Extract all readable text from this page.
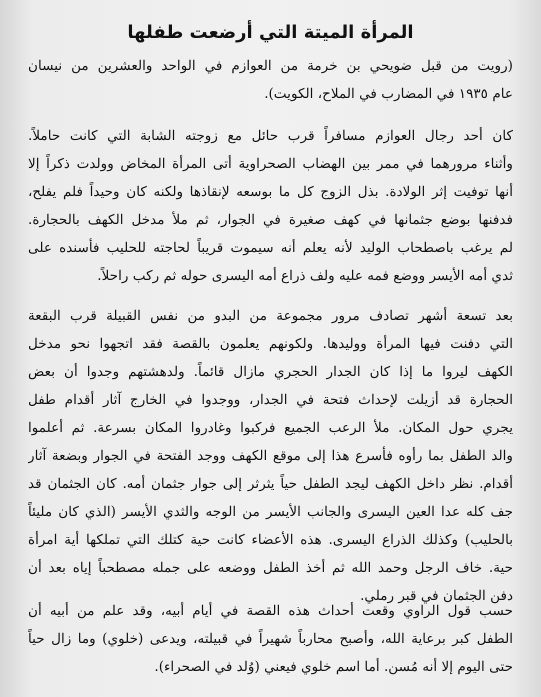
المرأة الميتة التي أرضعت طفلها

(رويت من قبل ضويحي بن خرمة من العوازم في الواحد والعشرين من نيسان
عام ١٩٣٥ في المضارب في الملاح، الكويت).

كان أحد رجال العوازم مسافراً قرب حائل مع زوجته الشابة التي كانت حاملاً.
وأثناء مرورهما في ممر بين الهضاب الصحراوية أتى المرأة المخاض وولدت ذكراً إلا
أنها توفيت إثر الولادة. بذل الزوج كل ما بوسعه لإنقاذها ولكنه كان وحيداً فلم يفلح،
فدفنها بوضع جثمانها في كهف صغيرة في الجوار، ثم ملأ مدخل الكهف بالحجارة.
لم يرغب باصطحاب الوليد لأنه يعلم أنه سيموت قريباً لحاجته للحليب فأسنده على
ثدي أمه الأيسر ووضع فمه عليه ولف ذراع أمه اليسرى حوله ثم ركب راحلاً.

بعد تسعة أشهر تصادف مرور مجموعة من البدو من نفس القبيلة قرب البقعة
التي دفنت فيها المرأة ووليدها. ولكونهم يعلمون بالقصة فقد اتجهوا نحو مدخل
الكهف ليروا ما إذا كان الجدار الحجري مازال قائماً. ولدهشتهم وجدوا أن بعض
الحجارة قد أزيلت لإحداث فتحة في الجدار، ووجدوا في الخارج آثار أقدام طفل
يجري حول المكان. ملأ الرعب الجميع فركبوا وغادروا المكان بسرعة. ثم أعلموا
والد الطفل بما رأوه فأسرع هذا إلى موقع الكهف ووجد الفتحة في الجوار وبضعة آثار
أقدام. نظر داخل الكهف ليجد الطفل حياً يثرثر إلى جوار جثمان أمه. كان الجثمان قد
جف كله عدا العين اليسرى والجانب الأيسر من الوجه والثدي الأيسر (الذي كان مليئاً
بالحليب) وكذلك الذراع اليسرى. هذه الأعضاء كانت حية كتلك التي تملكها أية امرأة
حية. خاف الرجل وحمد الله ثم أخذ الطفل ووضعه على جمله مصطحباً إياه بعد أن
دفن الجثمان في قبر رملي.

حسب قول الراوي وقعت أحداث هذه القصة في أيام أبيه، وقد علم من أبيه أن
الطفل كبر برعاية الله، وأصبح محارباً شهيراً في قبيلته، ويدعى (خلوي) وما زال حياً
حتى اليوم إلا أنه مُسن. أما اسم خلوي فيعني (وُلد في الصحراء).
